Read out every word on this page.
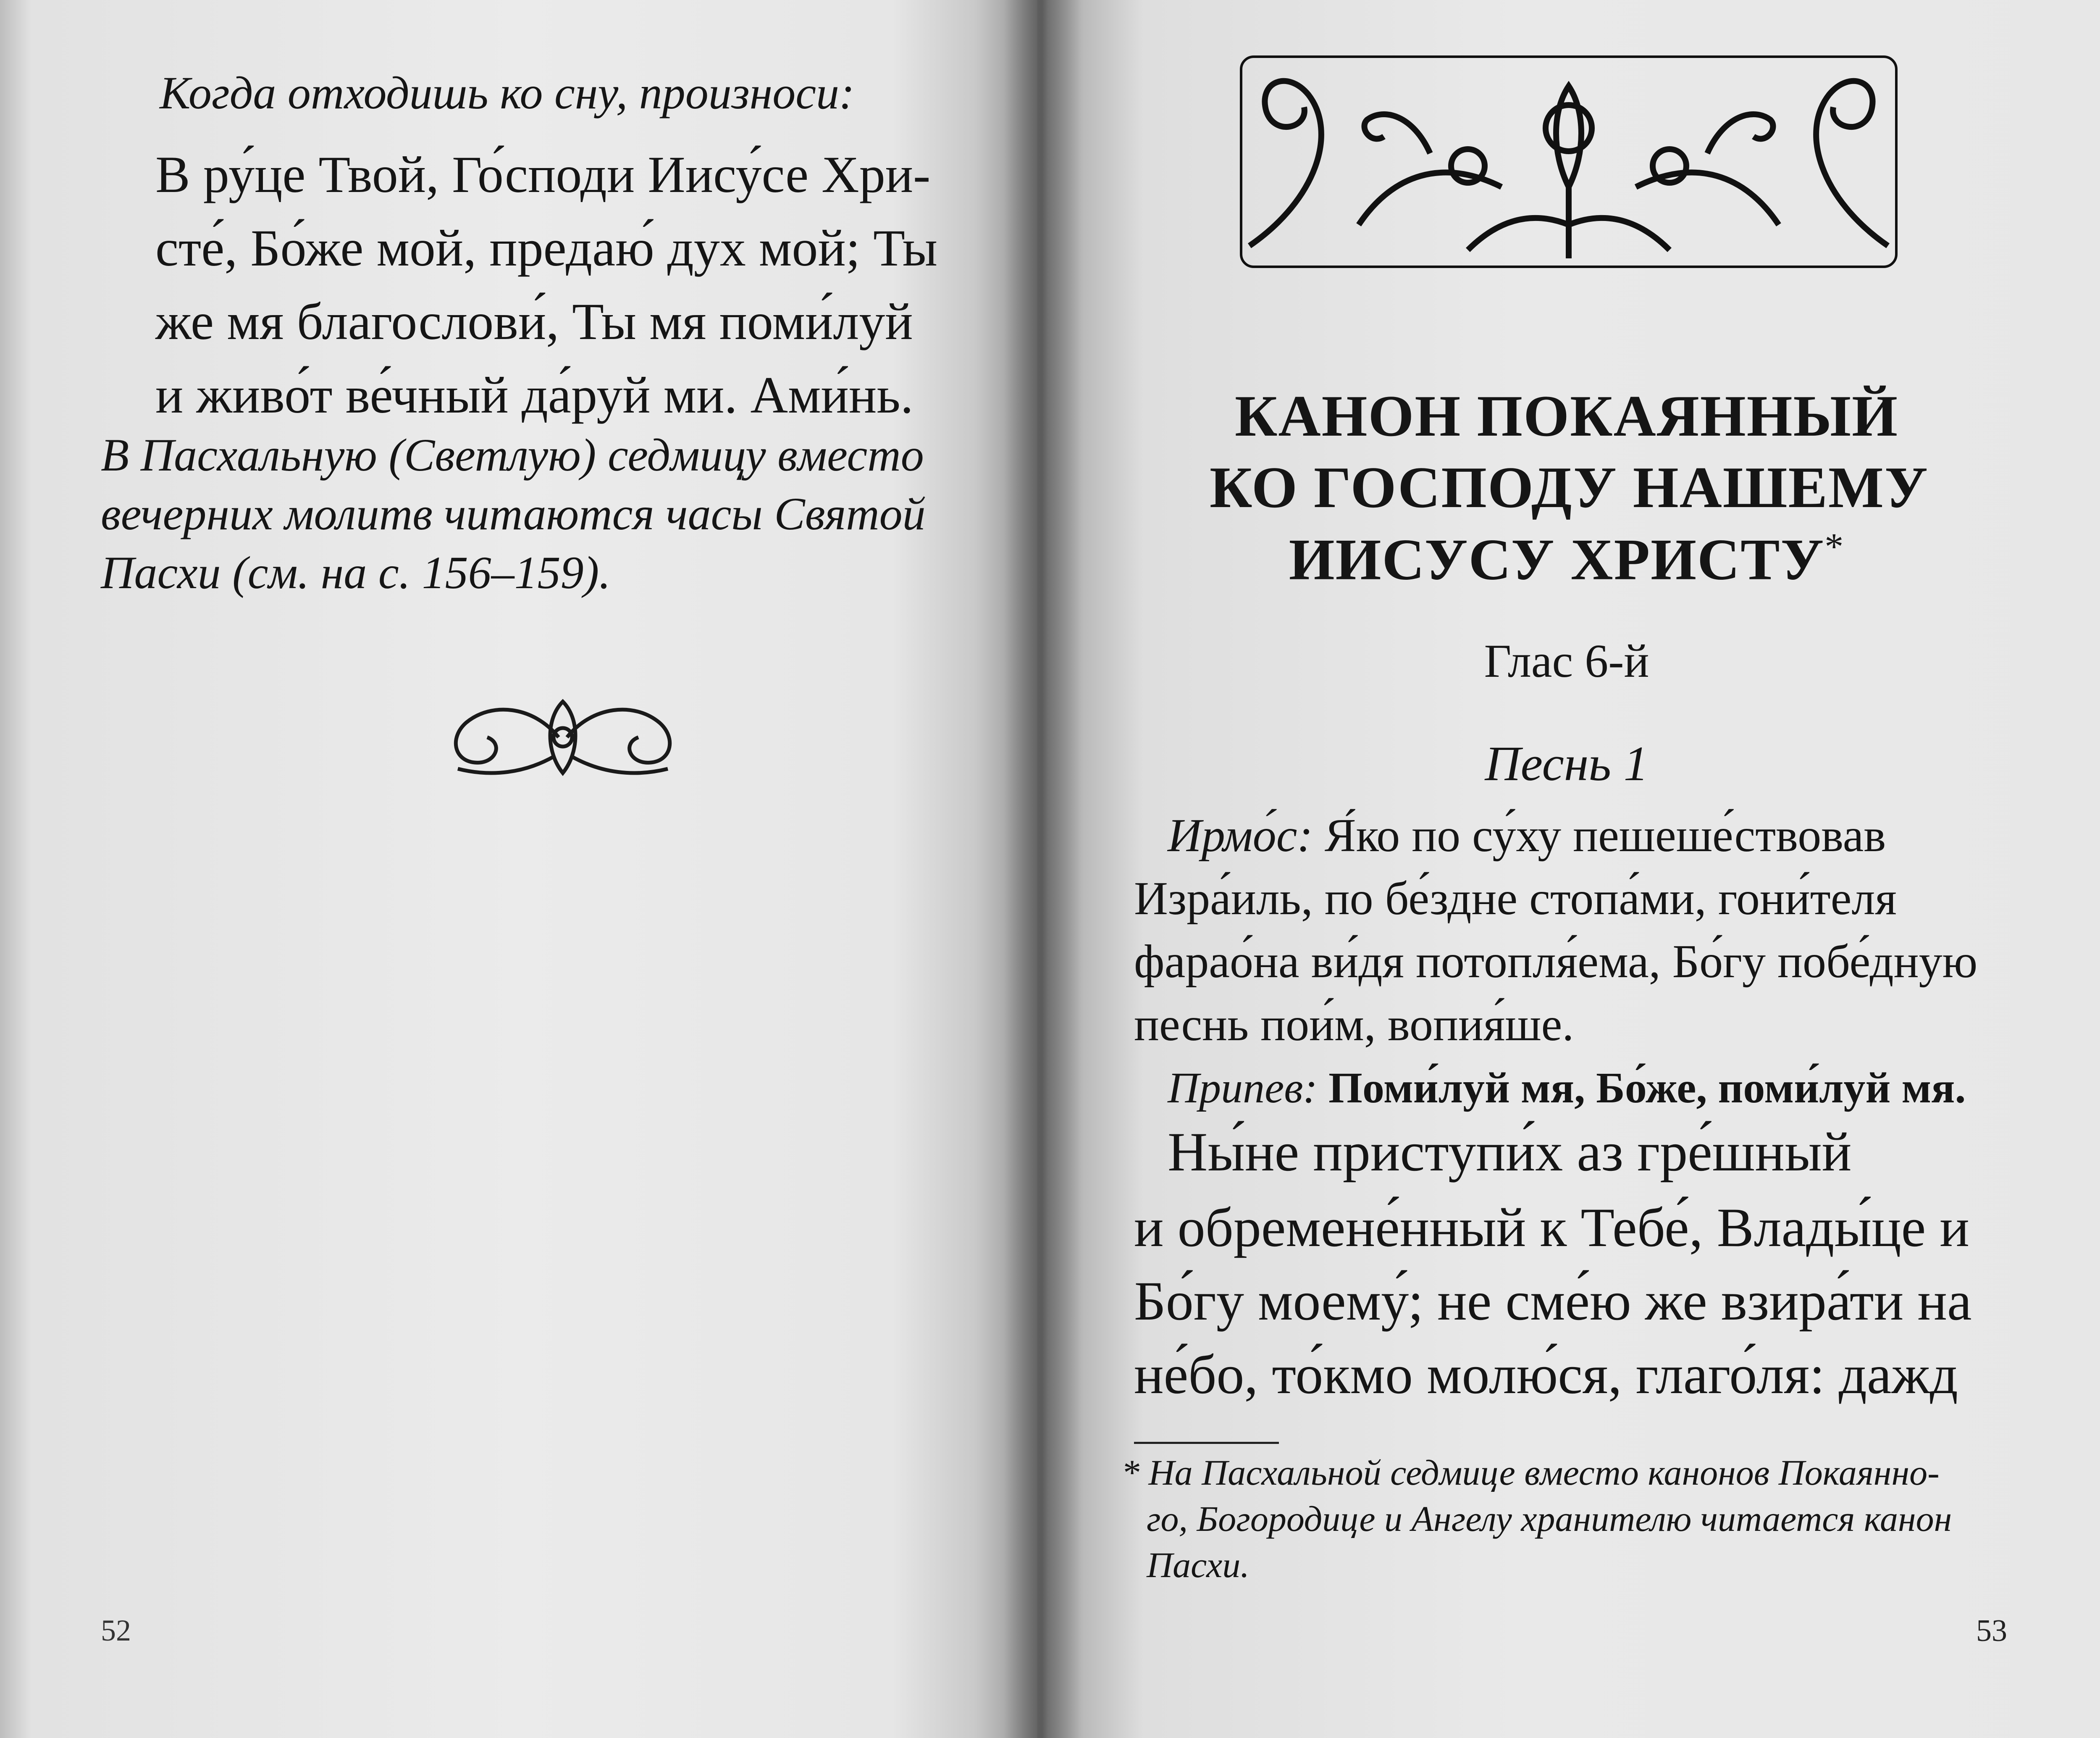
Когда отходишь ко сну, произноси:

В ру́це Твой, Го́споди Иису́се Хри-

сте́, Бо́же мой, предаю́ дух мой; Ты

же мя благослови́, Ты мя поми́луй

и живо́т ве́чный да́руй ми. Ами́нь.

В Пасхальную (Светлую) седмицу вместо

вечерних молитв читаются часы Святой

Пасхи (см. на с. 156–159).

52

КАНОН ПОКАЯННЫЙ

КО ГОСПОДУ НАШЕМУ

ИИСУСУ ХРИСТУ*

Глас 6-й

Песнь 1

Ирмо́с: Я́ко по су́ху пешеше́ствовав

Изра́иль, по бе́здне стопа́ми, гони́теля

фарао́на ви́дя потопля́ема, Бо́гу побе́дную

песнь пои́м, вопия́ше.

Припев: Поми́луй мя, Бо́же, поми́луй мя.

Ны́не приступи́х аз гре́шный

и обремене́нный к Тебе́, Влады́це и

Бо́гу моему́; не сме́ю же взира́ти на

не́бо, то́кмо молю́ся, глаго́ля: дажд

* На Пасхальной седмице вместо канонов Покаянно-

го, Богородице и Ангелу хранителю читается канон

Пасхи.

53
